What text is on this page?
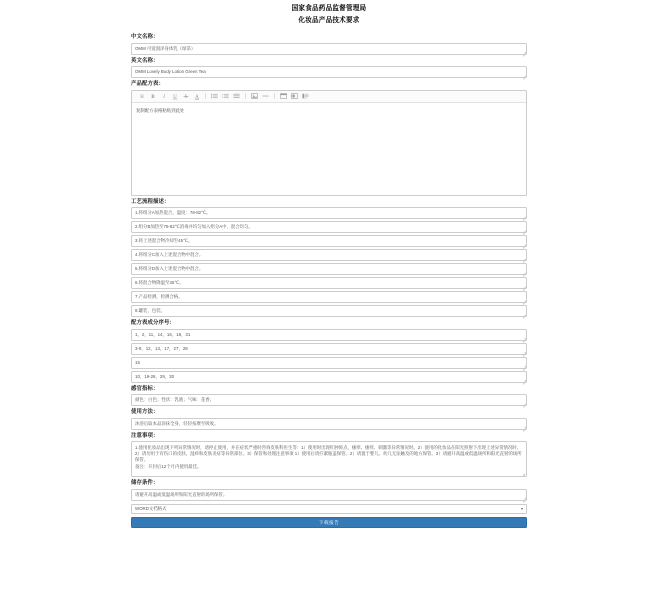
国家食品药品监督管理局
化妆品产品技术要求
中文名称：
OMM 可爱润泽身体乳（绿茶）
英文名称：
OMM Lovely Body Lotion Green Tea
产品配方表：
H B I U S A
复制配方表格粘贴到此处
工艺流程描述：
1.将组分A加热混合，温度：78-82℃。
2.组分B加热至78-82℃消毒并均匀加入组分A中，混合均匀。
3.将上述混合物冷却至45℃。
4.将组分C加入上述混合物中混合。
5.将组分D加入上述混合物中混合。
6.将混合物降温至35℃。
7.产品检测，检测合格。
8.罐装，包装。
配方表成分序号：
1，2，11，14，16，18，31
3-9，12，13，17，27，28
15
10，19-26，29，30
感官指标：
颜色：白色；性状：乳液；气味：花香；
使用方法：
沐浴后取本品涂抹全身，轻轻按摩至吸收。
注意事项：
1.使用化妆品出现下列异常情况时，请停止使用，并在症状严重时咨询皮肤科医生等：1）使用时出现红肿斑点、瘙痒、瘙痒、刺激等异常情况时。2）使用的化妆品在阳光照射下出现上述异常情况时。2）请勿用于有伤口的皮肤、湿疹和皮肤炎症等异常部位。3）保管和处理注意事项 1）使用后请拧紧瓶盖保管。2）请置于婴儿、幼儿无法触及的地方保管。3）请避开高温或低温场所和阳光直射的场所保管。
备注：开封后12个月内使用最佳。
储存条件：
请避开高温或低温场所和阳光直射的场所保管。
WORD文档格式
下载报告
